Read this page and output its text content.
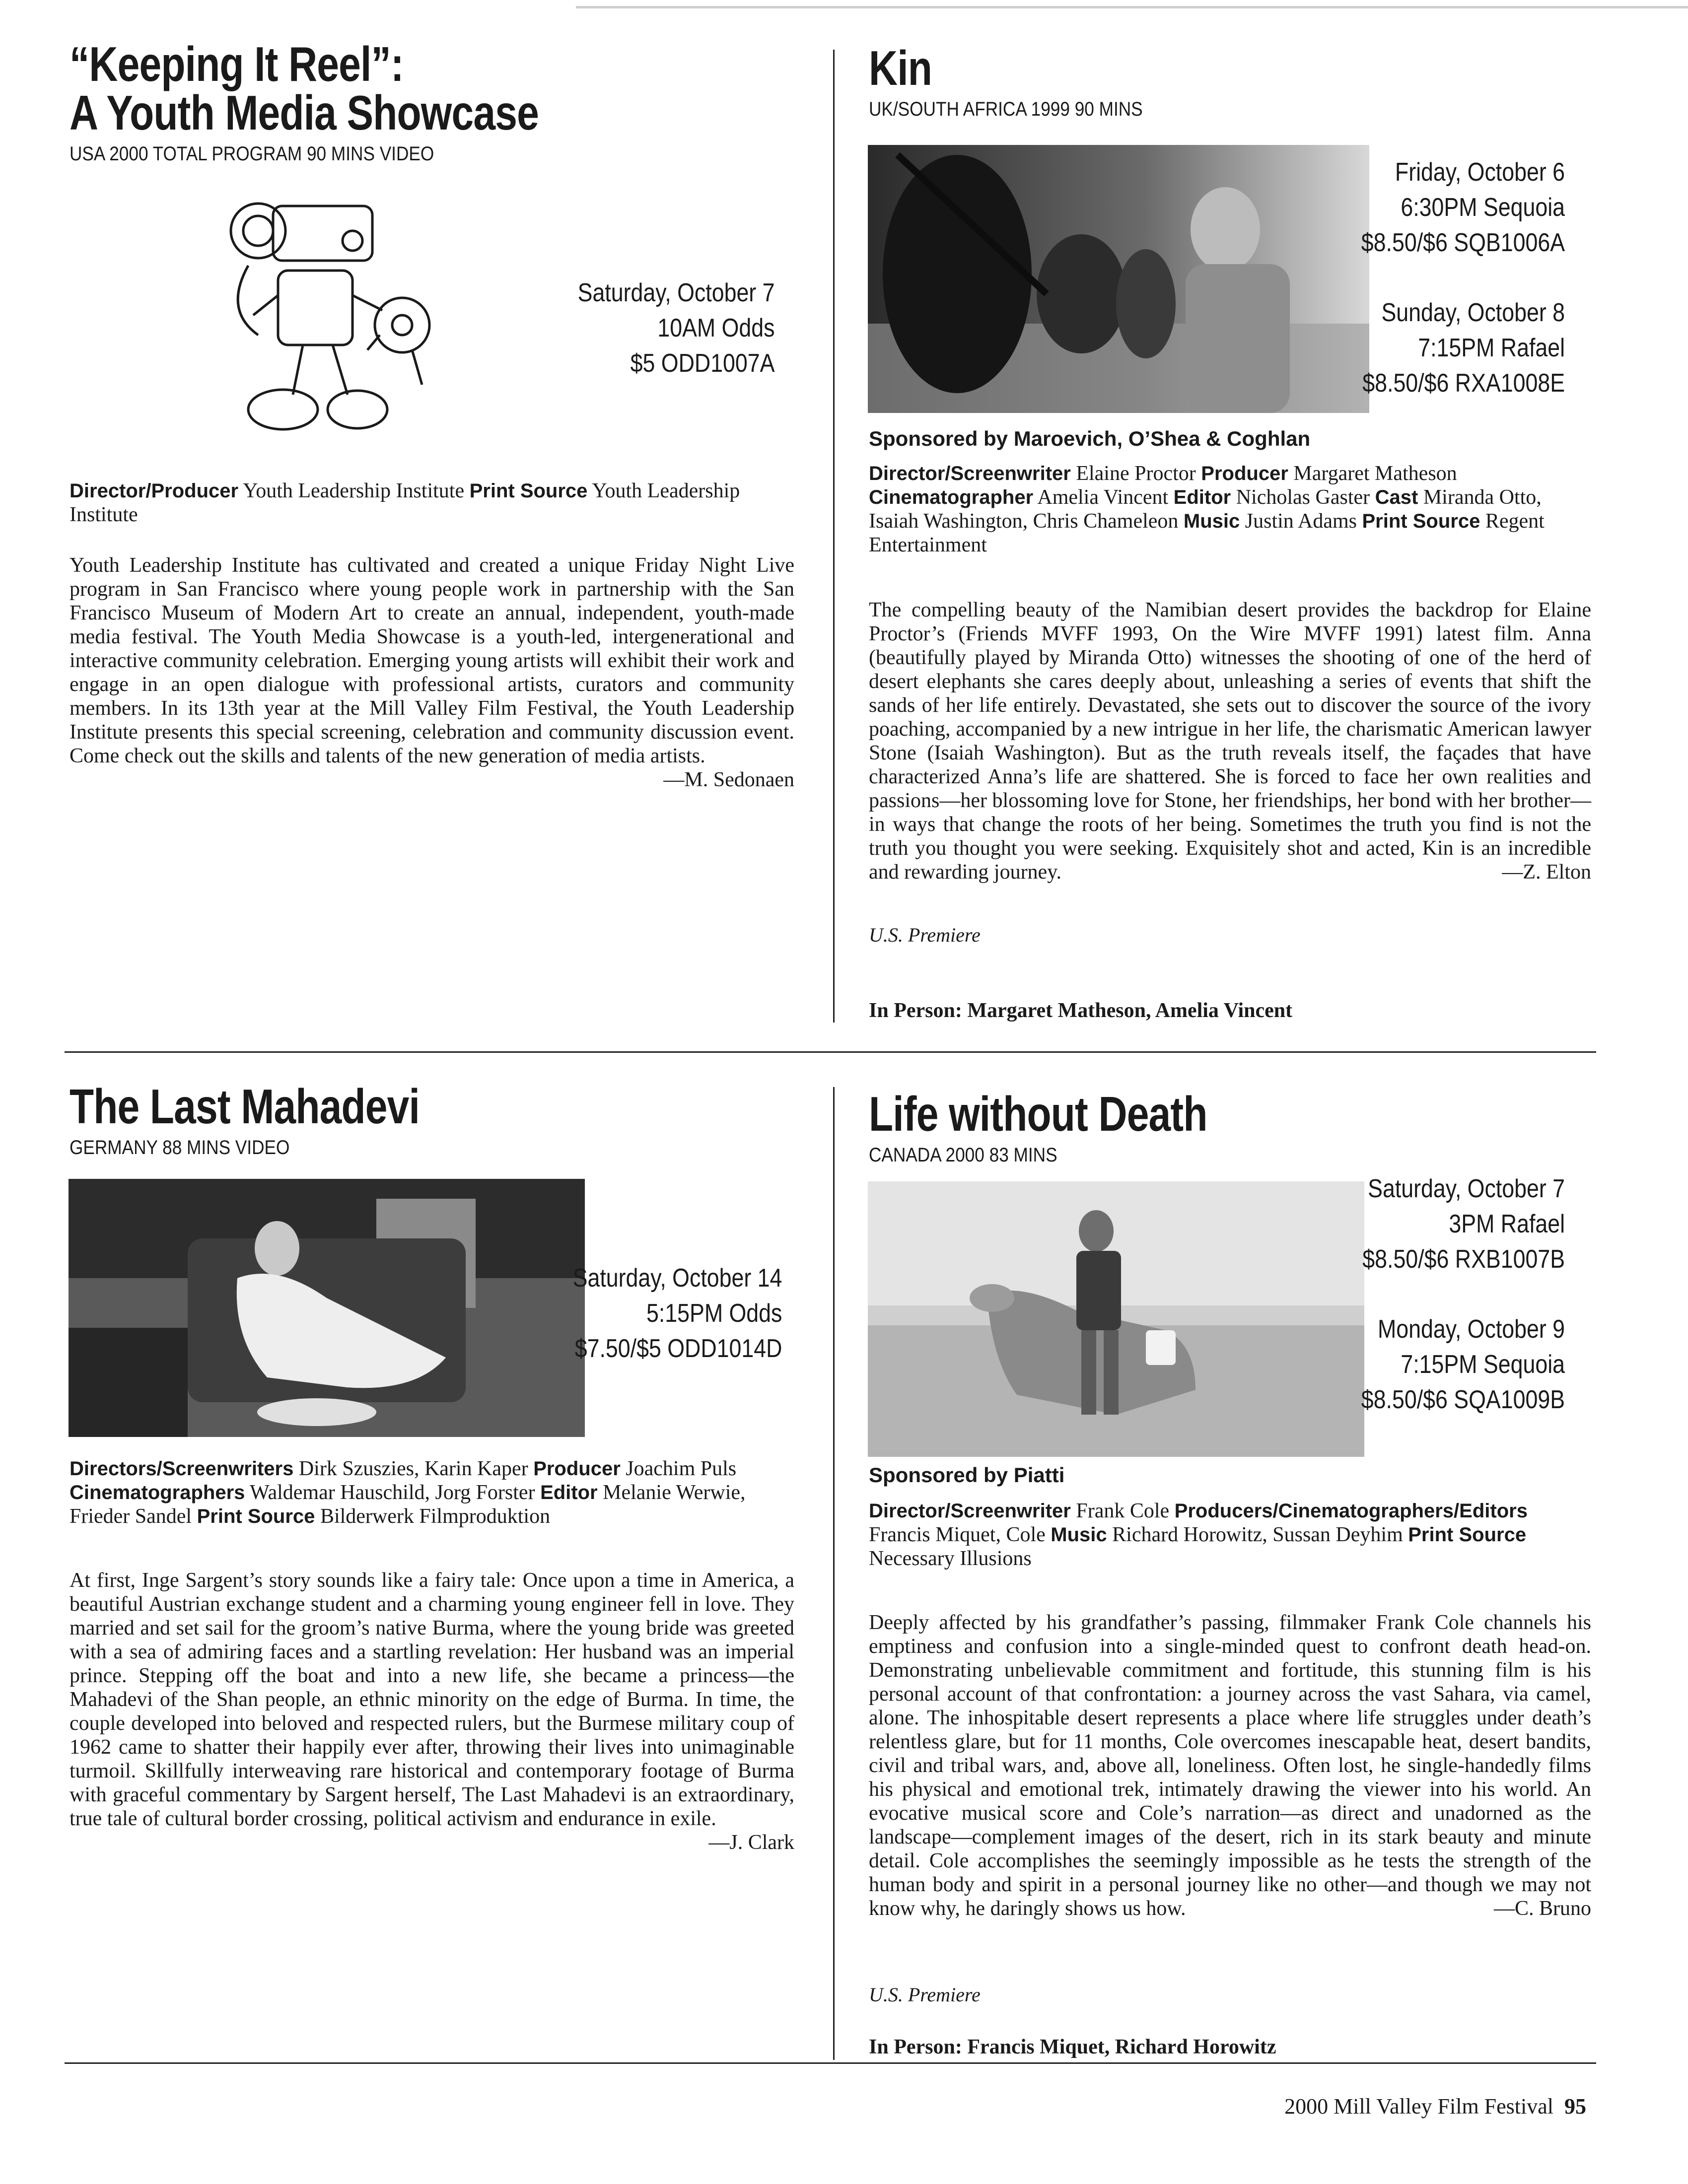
“Keeping It Reel”:
A Youth Media Showcase
USA 2000 TOTAL PROGRAM 90 MINS VIDEO
Saturday, October 7
10AM Odds
$5 ODD1007A
Director/Producer Youth Leadership Institute Print Source Youth Leadership Institute
Youth Leadership Institute has cultivated and created a unique Friday Night Live program in San Francisco where young people work in partnership with the San Francisco Museum of Modern Art to create an annual, independent, youth-made media festival. The Youth Media Showcase is a youth-led, intergenerational and interactive community celebration. Emerging young artists will exhibit their work and engage in an open dialogue with professional artists, curators and community members. In its 13th year at the Mill Valley Film Festival, the Youth Leadership Institute presents this special screening, celebration and community discussion event. Come check out the skills and talents of the new generation of media artists.
—M. Sedonaen
Kin
UK/SOUTH AFRICA 1999 90 MINS
Friday, October 6
6:30PM Sequoia
$8.50/$6 SQB1006A
Sunday, October 8
7:15PM Rafael
$8.50/$6 RXA1008E
Sponsored by Maroevich, O’Shea & Coghlan
Director/Screenwriter Elaine Proctor Producer Margaret Matheson Cinematographer Amelia Vincent Editor Nicholas Gaster Cast Miranda Otto, Isaiah Washington, Chris Chameleon Music Justin Adams Print Source Regent Entertainment
The compelling beauty of the Namibian desert provides the backdrop for Elaine Proctor’s (Friends MVFF 1993, On the Wire MVFF 1991) latest film. Anna (beautifully played by Miranda Otto) witnesses the shooting of one of the herd of desert elephants she cares deeply about, unleashing a series of events that shift the sands of her life entirely. Devastated, she sets out to discover the source of the ivory poaching, accompanied by a new intrigue in her life, the charismatic American lawyer Stone (Isaiah Washington). But as the truth reveals itself, the façades that have characterized Anna’s life are shattered. She is forced to face her own realities and passions—her blossoming love for Stone, her friendships, her bond with her brother—in ways that change the roots of her being. Sometimes the truth you find is not the truth you thought you were seeking. Exquisitely shot and acted, Kin is an incredible and rewarding journey.	—Z. Elton
U.S. Premiere
In Person: Margaret Matheson, Amelia Vincent
The Last Mahadevi
GERMANY 88 MINS VIDEO
Saturday, October 14
5:15PM Odds
$7.50/$5 ODD1014D
Directors/Screenwriters Dirk Szuszies, Karin Kaper Producer Joachim Puls Cinematographers Waldemar Hauschild, Jorg Forster Editor Melanie Werwie, Frieder Sandel Print Source Bilderwerk Filmproduktion
At first, Inge Sargent’s story sounds like a fairy tale: Once upon a time in America, a beautiful Austrian exchange student and a charming young engineer fell in love. They married and set sail for the groom’s native Burma, where the young bride was greeted with a sea of admiring faces and a startling revelation: Her husband was an imperial prince. Stepping off the boat and into a new life, she became a princess—the Mahadevi of the Shan people, an ethnic minority on the edge of Burma. In time, the couple developed into beloved and respected rulers, but the Burmese military coup of 1962 came to shatter their happily ever after, throwing their lives into unimaginable turmoil. Skillfully interweaving rare historical and contemporary footage of Burma with graceful commentary by Sargent herself, The Last Mahadevi is an extraordinary, true tale of cultural border crossing, political activism and endurance in exile.
—J. Clark
Life without Death
CANADA 2000 83 MINS
Saturday, October 7
3PM Rafael
$8.50/$6 RXB1007B
Monday, October 9
7:15PM Sequoia
$8.50/$6 SQA1009B
Sponsored by Piatti
Director/Screenwriter Frank Cole Producers/Cinematographers/Editors Francis Miquet, Cole Music Richard Horowitz, Sussan Deyhim Print Source Necessary Illusions
Deeply affected by his grandfather’s passing, filmmaker Frank Cole channels his emptiness and confusion into a single-minded quest to confront death head-on. Demonstrating unbelievable commitment and fortitude, this stunning film is his personal account of that confrontation: a journey across the vast Sahara, via camel, alone. The inhospitable desert represents a place where life struggles under death’s relentless glare, but for 11 months, Cole overcomes inescapable heat, desert bandits, civil and tribal wars, and, above all, loneliness. Often lost, he single-handedly films his physical and emotional trek, intimately drawing the viewer into his world. An evocative musical score and Cole’s narration—as direct and unadorned as the landscape—complement images of the desert, rich in its stark beauty and minute detail. Cole accomplishes the seemingly impossible as he tests the strength of the human body and spirit in a personal journey like no other—and though we may not know why, he daringly shows us how.	—C. Bruno
U.S. Premiere
In Person: Francis Miquet, Richard Horowitz
2000 Mill Valley Film Festival 95
